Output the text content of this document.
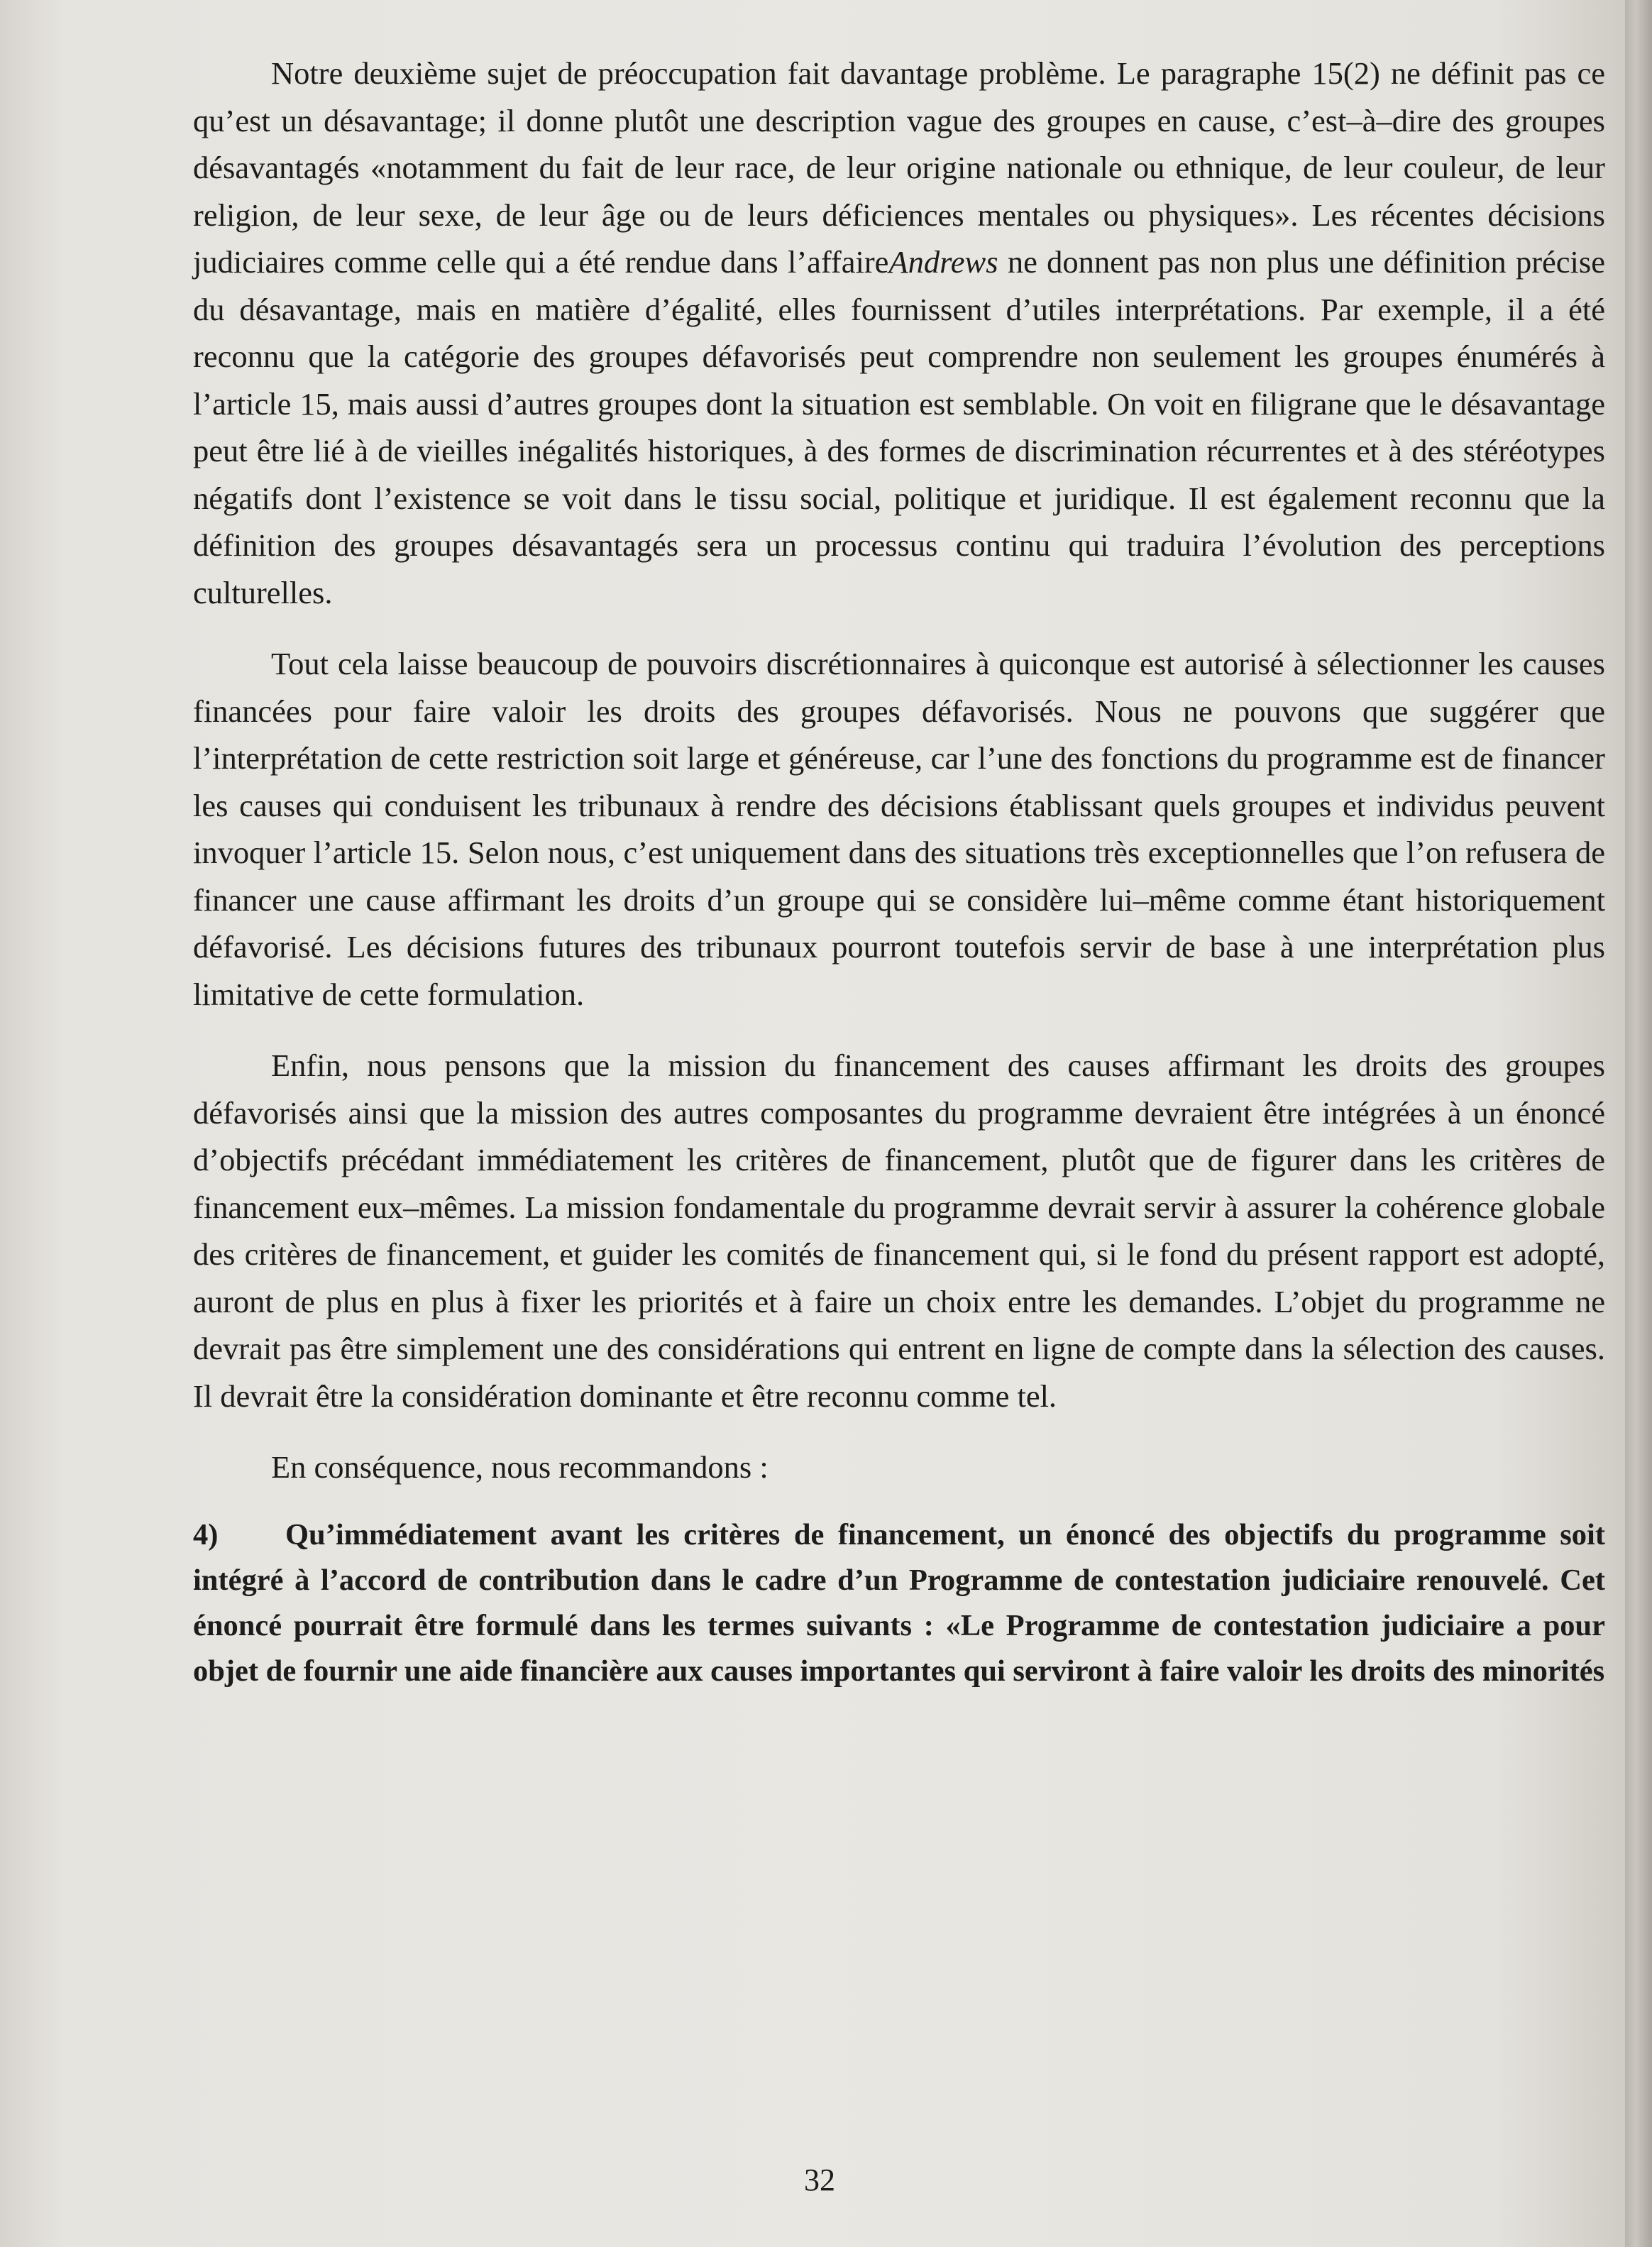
Notre deuxième sujet de préoccupation fait davantage problème. Le paragraphe 15(2) ne définit pas ce qu’est un désavantage; il donne plutôt une description vague des groupes en cause, c’est–à–dire des groupes désavantagés «notamment du fait de leur race, de leur origine nationale ou ethnique, de leur couleur, de leur religion, de leur sexe, de leur âge ou de leurs déficiences mentales ou physiques». Les récentes décisions judiciaires comme celle qui a été rendue dans l’affaireAndrews ne donnent pas non plus une définition précise du désavantage, mais en matière d’égalité, elles fournissent d’utiles interprétations. Par exemple, il a été reconnu que la catégorie des groupes défavorisés peut comprendre non seulement les groupes énumérés à l’article 15, mais aussi d’autres groupes dont la situation est semblable. On voit en filigrane que le désavantage peut être lié à de vieilles inégalités historiques, à des formes de discrimination récurrentes et à des stéréotypes négatifs dont l’existence se voit dans le tissu social, politique et juridique. Il est également reconnu que la définition des groupes désavantagés sera un processus continu qui traduira l’évolution des perceptions culturelles.

Tout cela laisse beaucoup de pouvoirs discrétionnaires à quiconque est autorisé à sélectionner les causes financées pour faire valoir les droits des groupes défavorisés. Nous ne pouvons que suggérer que l’interprétation de cette restriction soit large et généreuse, car l’une des fonctions du programme est de financer les causes qui conduisent les tribunaux à rendre des décisions établissant quels groupes et individus peuvent invoquer l’article 15. Selon nous, c’est uniquement dans des situations très exceptionnelles que l’on refusera de financer une cause affirmant les droits d’un groupe qui se considère lui–même comme étant historiquement défavorisé. Les décisions futures des tribunaux pourront toutefois servir de base à une interprétation plus limitative de cette formulation.

Enfin, nous pensons que la mission du financement des causes affirmant les droits des groupes défavorisés ainsi que la mission des autres composantes du programme devraient être intégrées à un énoncé d’objectifs précédant immédiatement les critères de financement, plutôt que de figurer dans les critères de financement eux–mêmes. La mission fondamentale du programme devrait servir à assurer la cohérence globale des critères de financement, et guider les comités de financement qui, si le fond du présent rapport est adopté, auront de plus en plus à fixer les priorités et à faire un choix entre les demandes. L’objet du programme ne devrait pas être simplement une des considérations qui entrent en ligne de compte dans la sélection des causes. Il devrait être la considération dominante et être reconnu comme tel.

En conséquence, nous recommandons :

4)	Qu’immédiatement avant les critères de financement, un énoncé des objectifs du programme soit intégré à l’accord de contribution dans le cadre d’un Programme de contestation judiciaire renouvelé. Cet énoncé pourrait être formulé dans les termes suivants : «Le Programme de contestation judiciaire a pour objet de fournir une aide financière aux causes importantes qui serviront à faire valoir les droits des minorités
32
